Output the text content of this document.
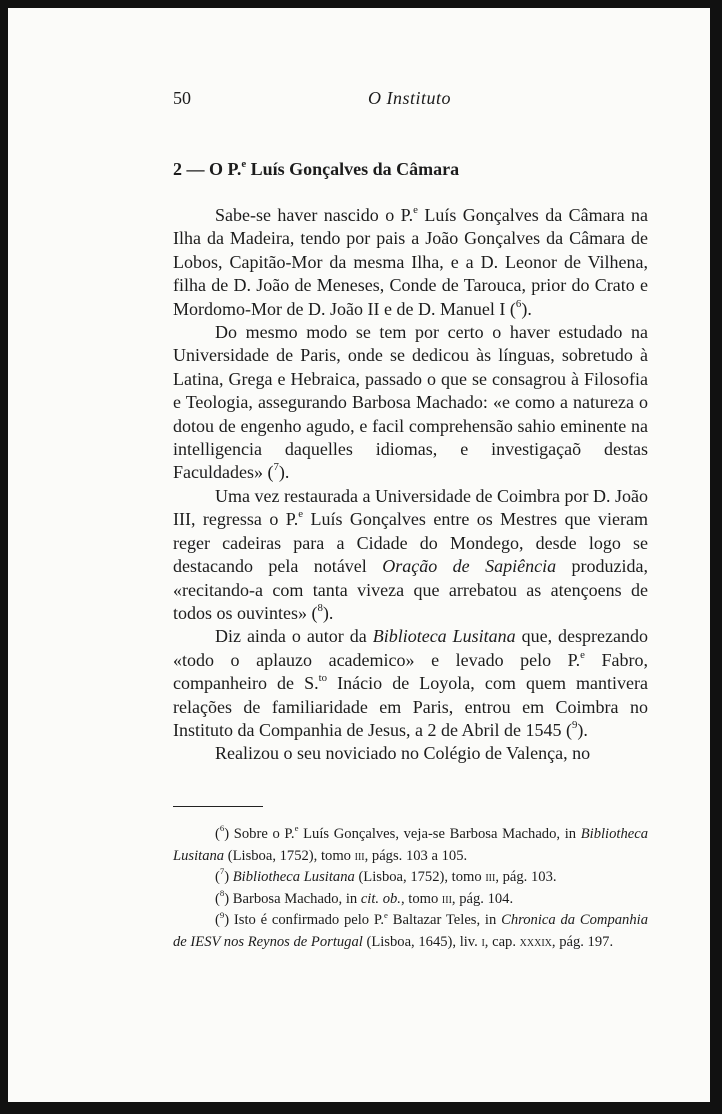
50	O Instituto
2 — O P.$^e$ Luís Gonçalves da Câmara

Sabe-se haver nascido o P.$^e$ Luís Gonçalves da Câmara na Ilha da Madeira, tendo por pais a João Gonçalves da Câmara de Lobos, Capitão-Mor da mesma Ilha, e a D. Leonor de Vilhena, filha de D. João de Meneses, Conde de Tarouca, prior do Crato e Mordomo-Mor de D. João II e de D. Manuel I ($^6$).

Do mesmo modo se tem por certo o haver estudado na Universidade de Paris, onde se dedicou às línguas, sobretudo à Latina, Grega e Hebraica, passado o que se consagrou à Filosofia e Teologia, assegurando Barbosa Machado: «e como a natureza o dotou de engenho agudo, e facil comprehensão sahio eminente na intelligencia daquelles idiomas, e investigaçaõ destas Faculdades» ($^7$).

Uma vez restaurada a Universidade de Coimbra por D. João III, regressa o P.$^e$ Luís Gonçalves entre os Mestres que vieram reger cadeiras para a Cidade do Mondego, desde logo se destacando pela notável Oração de Sapiência produzida, «recitando-a com tanta viveza que arrebatou as atençoens de todos os ouvintes» ($^8$).

Diz ainda o autor da Biblioteca Lusitana que, desprezando «todo o aplauzo academico» e levado pelo P.$^e$ Fabro, companheiro de S.$^{to}$ Inácio de Loyola, com quem mantivera relações de familiaridade em Paris, entrou em Coimbra no Instituto da Companhia de Jesus, a 2 de Abril de 1545 ($^9$).

Realizou o seu noviciado no Colégio de Valença, no

($^6$) Sobre o P.$^e$ Luís Gonçalves, veja-se Barbosa Machado, in Bibliotheca Lusitana (Lisboa, 1752), tomo iii, págs. 103 a 105.

($^7$) Bibliotheca Lusitana (Lisboa, 1752), tomo iii, pág. 103.

($^8$) Barbosa Machado, in cit. ob., tomo iii, pág. 104.

($^9$) Isto é confirmado pelo P.$^e$ Baltazar Teles, in Chronica da Companhia de IESV nos Reynos de Portugal (Lisboa, 1645), liv. i, cap. xxxix, pág. 197.
